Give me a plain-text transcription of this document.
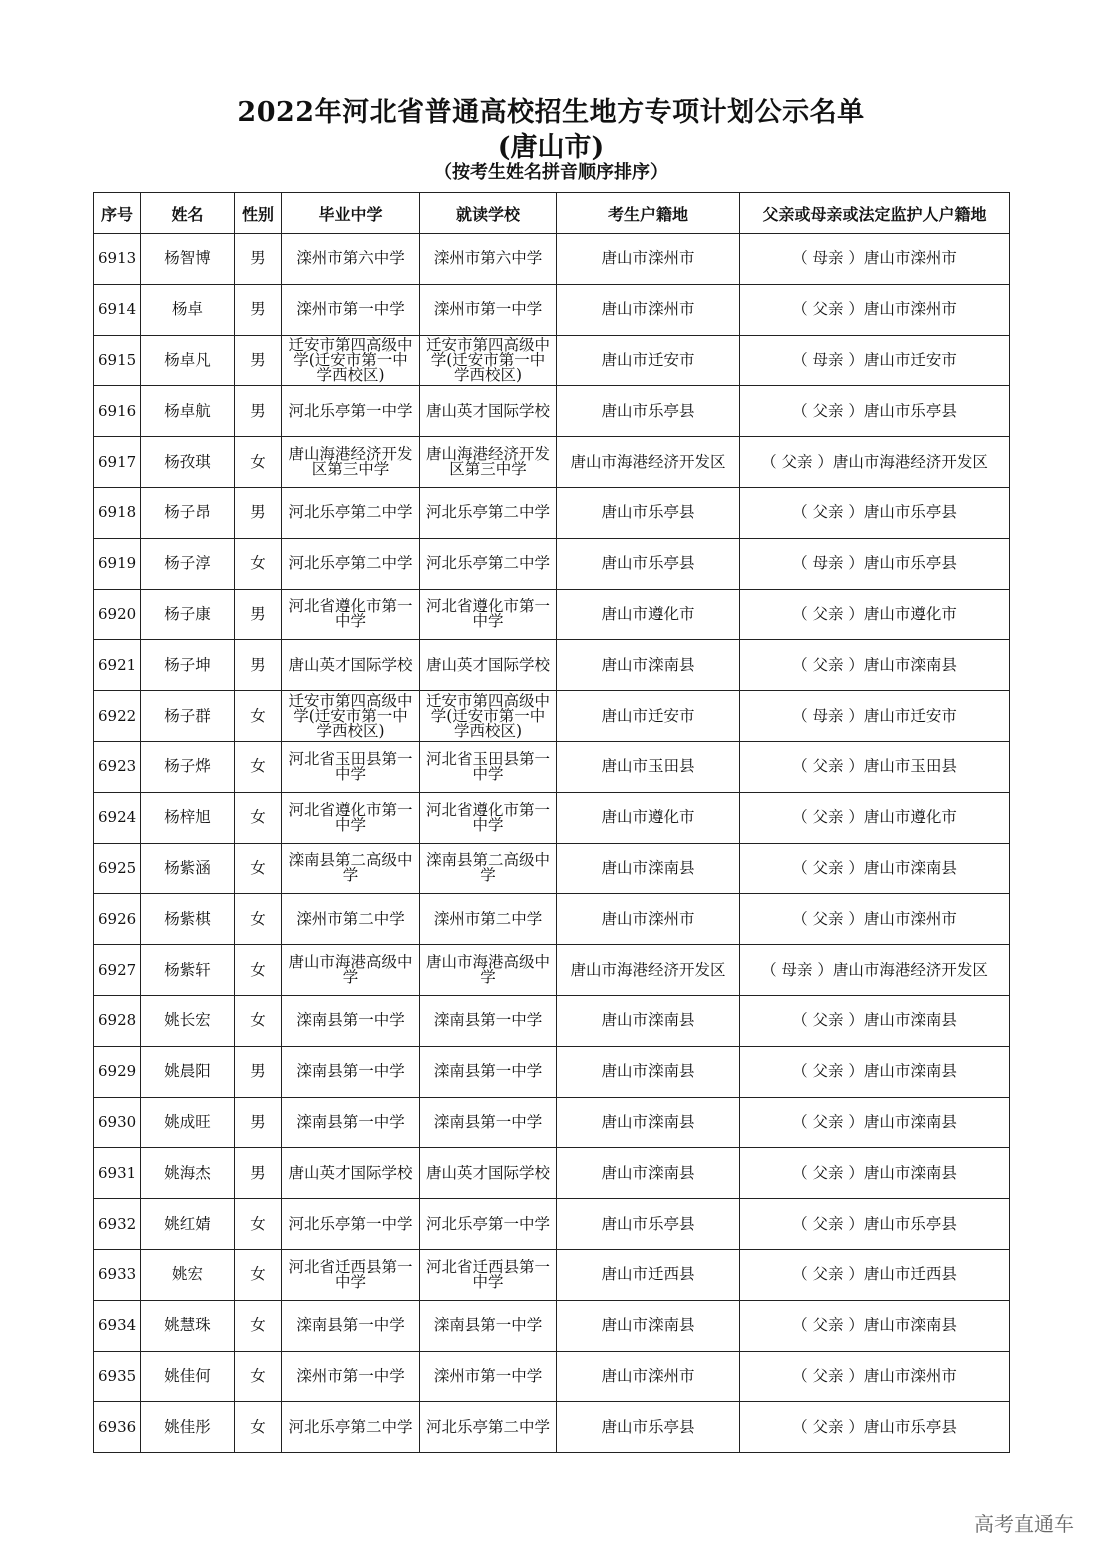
2022年河北省普通高校招生地方专项计划公示名单
(唐山市)
（按考生姓名拼音顺序排序）
序号	姓名	性别	毕业中学	就读学校	考生户籍地	父亲或母亲或法定监护人户籍地
6913	杨智博	男	滦州市第六中学	滦州市第六中学	唐山市滦州市	（ 母亲 ）唐山市滦州市
6914	杨卓	男	滦州市第一中学	滦州市第一中学	唐山市滦州市	（ 父亲 ）唐山市滦州市
6915	杨卓凡	男	迁安市第四高级中学(迁安市第一中学西校区)	迁安市第四高级中学(迁安市第一中学西校区)	唐山市迁安市	（ 母亲 ）唐山市迁安市
6916	杨卓航	男	河北乐亭第一中学	唐山英才国际学校	唐山市乐亭县	（ 父亲 ）唐山市乐亭县
6917	杨孜琪	女	唐山海港经济开发区第三中学	唐山海港经济开发区第三中学	唐山市海港经济开发区	（ 父亲 ）唐山市海港经济开发区
6918	杨子昂	男	河北乐亭第二中学	河北乐亭第二中学	唐山市乐亭县	（ 父亲 ）唐山市乐亭县
6919	杨子淳	女	河北乐亭第二中学	河北乐亭第二中学	唐山市乐亭县	（ 母亲 ）唐山市乐亭县
6920	杨子康	男	河北省遵化市第一中学	河北省遵化市第一中学	唐山市遵化市	（ 父亲 ）唐山市遵化市
6921	杨子坤	男	唐山英才国际学校	唐山英才国际学校	唐山市滦南县	（ 父亲 ）唐山市滦南县
6922	杨子群	女	迁安市第四高级中学(迁安市第一中学西校区)	迁安市第四高级中学(迁安市第一中学西校区)	唐山市迁安市	（ 母亲 ）唐山市迁安市
6923	杨子烨	女	河北省玉田县第一中学	河北省玉田县第一中学	唐山市玉田县	（ 父亲 ）唐山市玉田县
6924	杨梓旭	女	河北省遵化市第一中学	河北省遵化市第一中学	唐山市遵化市	（ 父亲 ）唐山市遵化市
6925	杨紫涵	女	滦南县第二高级中学	滦南县第二高级中学	唐山市滦南县	（ 父亲 ）唐山市滦南县
6926	杨紫棋	女	滦州市第二中学	滦州市第二中学	唐山市滦州市	（ 父亲 ）唐山市滦州市
6927	杨紫轩	女	唐山市海港高级中学	唐山市海港高级中学	唐山市海港经济开发区	（ 母亲 ）唐山市海港经济开发区
6928	姚长宏	女	滦南县第一中学	滦南县第一中学	唐山市滦南县	（ 父亲 ）唐山市滦南县
6929	姚晨阳	男	滦南县第一中学	滦南县第一中学	唐山市滦南县	（ 父亲 ）唐山市滦南县
6930	姚成旺	男	滦南县第一中学	滦南县第一中学	唐山市滦南县	（ 父亲 ）唐山市滦南县
6931	姚海杰	男	唐山英才国际学校	唐山英才国际学校	唐山市滦南县	（ 父亲 ）唐山市滦南县
6932	姚红婧	女	河北乐亭第一中学	河北乐亭第一中学	唐山市乐亭县	（ 父亲 ）唐山市乐亭县
6933	姚宏	女	河北省迁西县第一中学	河北省迁西县第一中学	唐山市迁西县	（ 父亲 ）唐山市迁西县
6934	姚慧珠	女	滦南县第一中学	滦南县第一中学	唐山市滦南县	（ 父亲 ）唐山市滦南县
6935	姚佳何	女	滦州市第一中学	滦州市第一中学	唐山市滦州市	（ 父亲 ）唐山市滦州市
6936	姚佳彤	女	河北乐亭第二中学	河北乐亭第二中学	唐山市乐亭县	（ 父亲 ）唐山市乐亭县
高考直通车
